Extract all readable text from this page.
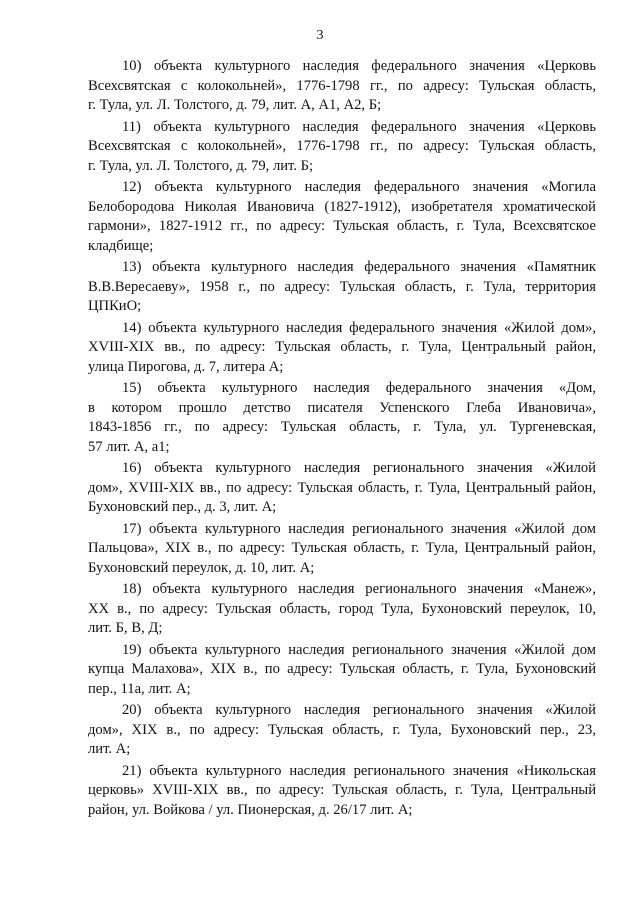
3
10) объекта культурного наследия федерального значения «Церковь
Всехсвятская с колокольней», 1776-1798 гг., по адресу: Тульская область,
г. Тула, ул. Л. Толстого, д. 79, лит. А, А1, А2, Б;
11) объекта культурного наследия федерального значения «Церковь
Всехсвятская с колокольней», 1776-1798 гг., по адресу: Тульская область,
г. Тула, ул. Л. Толстого, д. 79, лит. Б;
12) объекта культурного наследия федерального значения «Могила
Белобородова Николая Ивановича (1827-1912), изобретателя хроматической
гармони», 1827-1912 гг., по адресу: Тульская область, г. Тула, Всехсвятское
кладбище;
13) объекта культурного наследия федерального значения «Памятник
В.В.Вересаеву», 1958 г., по адресу: Тульская область, г. Тула, территория
ЦПКиО;
14) объекта культурного наследия федерального значения «Жилой дом»,
XVIII-XIX вв., по адресу: Тульская область, г. Тула, Центральный район,
улица Пирогова, д. 7, литера А;
15) объекта культурного наследия федерального значения «Дом,
в котором прошло детство писателя Успенского Глеба Ивановича»,
1843-1856 гг., по адресу: Тульская область, г. Тула, ул. Тургеневская,
57 лит. А, а1;
16) объекта культурного наследия регионального значения «Жилой
дом», XVIII-XIX вв., по адресу: Тульская область, г. Тула, Центральный район,
Бухоновский пер., д. 3, лит. А;
17) объекта культурного наследия регионального значения «Жилой дом
Пальцова», XIX в., по адресу: Тульская область, г. Тула, Центральный район,
Бухоновский переулок, д. 10, лит. А;
18) объекта культурного наследия регионального значения «Манеж»,
XX в., по адресу: Тульская область, город Тула, Бухоновский переулок, 10,
лит. Б, В, Д;
19) объекта культурного наследия регионального значения «Жилой дом
купца Малахова», XIX в., по адресу: Тульская область, г. Тула, Бухоновский
пер., 11а, лит. А;
20) объекта культурного наследия регионального значения «Жилой
дом», XIX в., по адресу: Тульская область, г. Тула, Бухоновский пер., 23,
лит. А;
21) объекта культурного наследия регионального значения «Никольская
церковь» XVIII-XIX вв., по адресу: Тульская область, г. Тула, Центральный
район, ул. Войкова / ул. Пионерская, д. 26/17 лит. А;
